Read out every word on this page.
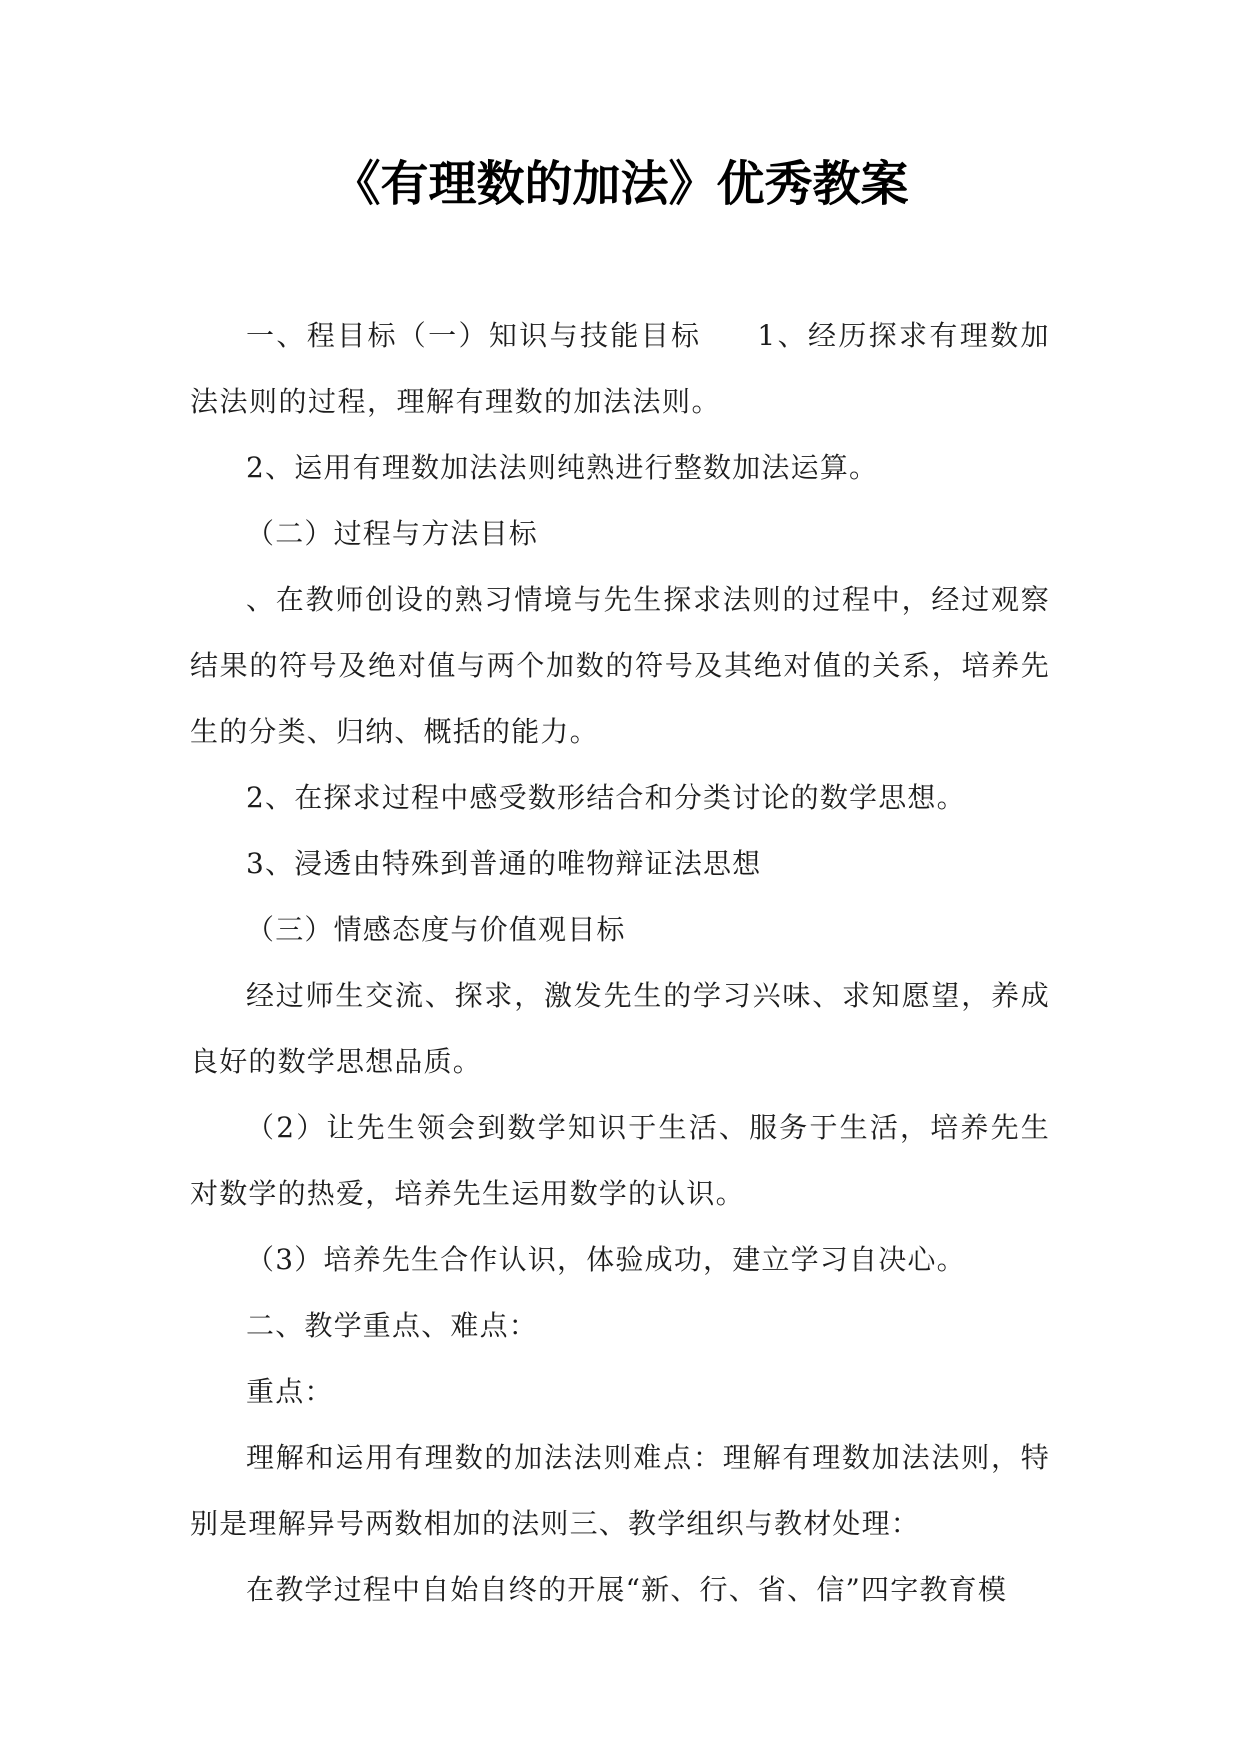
《有理数的加法》优秀教案

一、程目标（一）知识与技能目标 1、经历探求有理数加法法则的过程，理解有理数的加法法则。

2、运用有理数加法法则纯熟进行整数加法运算。

（二）过程与方法目标

、在教师创设的熟习情境与先生探求法则的过程中，经过观察结果的符号及绝对值与两个加数的符号及其绝对值的关系，培养先生的分类、归纳、概括的能力。

2、在探求过程中感受数形结合和分类讨论的数学思想。

3、浸透由特殊到普通的唯物辩证法思想

（三）情感态度与价值观目标

经过师生交流、探求，激发先生的学习兴味、求知愿望，养成良好的数学思想品质。

（2）让先生领会到数学知识于生活、服务于生活，培养先生对数学的热爱，培养先生运用数学的认识。

（3）培养先生合作认识，体验成功，建立学习自决心。

二、教学重点、难点：

重点：

理解和运用有理数的加法法则难点：理解有理数加法法则，特别是理解异号两数相加的法则三、教学组织与教材处理：

在教学过程中自始自终的开展“新、行、省、信”四字教育模
